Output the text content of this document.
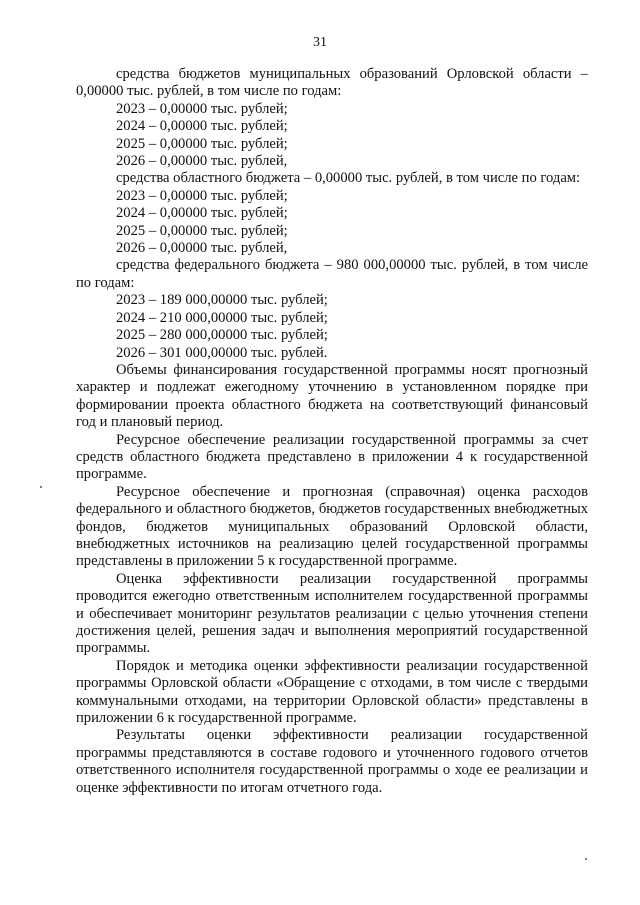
31

средства бюджетов муниципальных образований Орловской области – 0,00000 тыс. рублей, в том числе по годам:

2023 – 0,00000 тыс. рублей;

2024 – 0,00000 тыс. рублей;

2025 – 0,00000 тыс. рублей;

2026 – 0,00000 тыс. рублей,

средства областного бюджета – 0,00000 тыс. рублей, в том числе по годам:

2023 – 0,00000 тыс. рублей;

2024 – 0,00000 тыс. рублей;

2025 – 0,00000 тыс. рублей;

2026 – 0,00000 тыс. рублей,

средства федерального бюджета – 980 000,00000 тыс. рублей, в том числе по годам:

2023 – 189 000,00000 тыс. рублей;

2024 – 210 000,00000 тыс. рублей;

2025 – 280 000,00000 тыс. рублей;

2026 – 301 000,00000 тыс. рублей.

Объемы финансирования государственной программы носят прогнозный характер и подлежат ежегодному уточнению в установленном порядке при формировании проекта областного бюджета на соответствующий финансовый год и плановый период.

Ресурсное обеспечение реализации государственной программы за счет средств областного бюджета представлено в приложении 4 к государственной программе.

Ресурсное обеспечение и прогнозная (справочная) оценка расходов федерального и областного бюджетов, бюджетов государственных внебюджетных фондов, бюджетов муниципальных образований Орловской области, внебюджетных источников на реализацию целей государственной программы представлены в приложении 5 к государственной программе.

Оценка эффективности реализации государственной программы проводится ежегодно ответственным исполнителем государственной программы и обеспечивает мониторинг результатов реализации с целью уточнения степени достижения целей, решения задач и выполнения мероприятий государственной программы.

Порядок и методика оценки эффективности реализации государственной программы Орловской области «Обращение с отходами, в том числе с твердыми коммунальными отходами, на территории Орловской области» представлены в приложении 6 к государственной программе.

Результаты оценки эффективности реализации государственной программы представляются в составе годового и уточненного годового отчетов ответственного исполнителя государственной программы о ходе ее реализации и оценке эффективности по итогам отчетного года.
